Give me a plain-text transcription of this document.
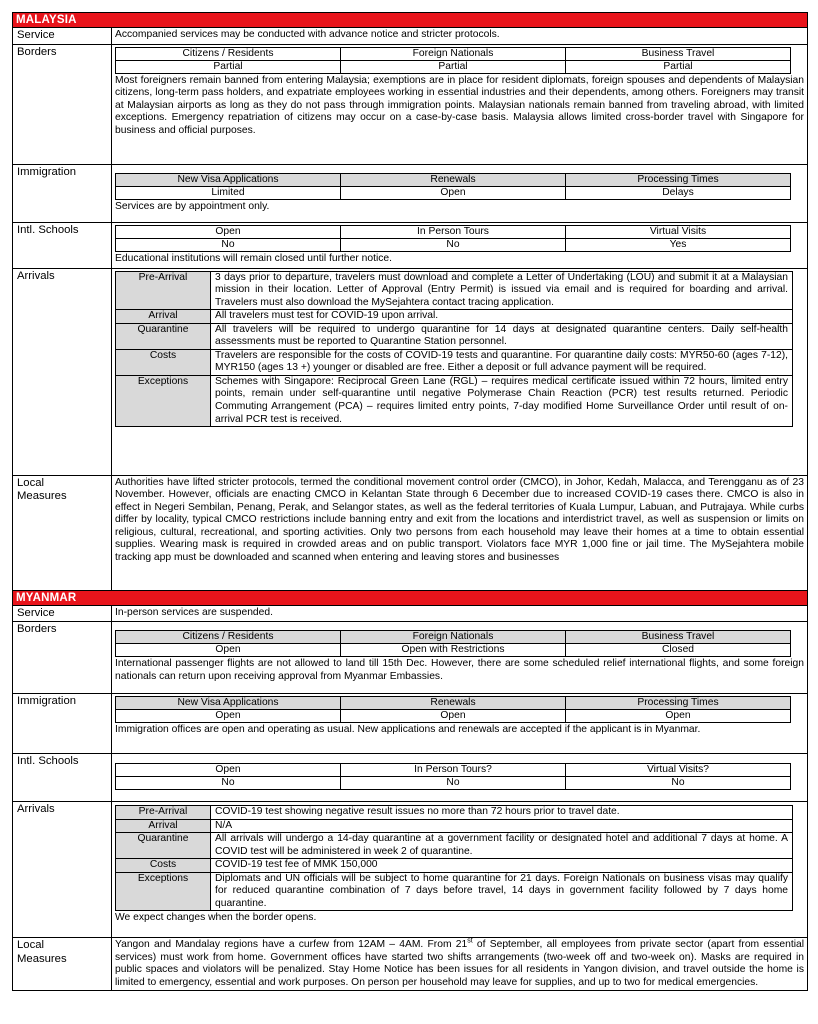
MALAYSIA
Service	Accompanied services may be conducted with advance notice and stricter protocols.
Borders	Citizens / Residents	Foreign Nationals	Business Travel
Partial	Partial	Partial
Most foreigners remain banned from entering Malaysia; exemptions are in place for resident diplomats, foreign spouses and dependents of Malaysian citizens, long-term pass holders, and expatriate employees working in essential industries and their dependents, among others. Foreigners may transit at Malaysian airports as long as they do not pass through immigration points. Malaysian nationals remain banned from traveling abroad, with limited exceptions. Emergency repatriation of citizens may occur on a case-by-case basis. Malaysia allows limited cross-border travel with Singapore for business and official purposes.
Immigration
New Visa Applications	Renewals	Processing Times
Limited	Open	Delays
Services are by appointment only.
Intl. Schools	Open	In Person Tours	Virtual Visits
No	No	Yes
Educational institutions will remain closed until further notice.
Arrivals	Pre-Arrival	3 days prior to departure, travelers must download and complete a Letter of Undertaking (LOU) and submit it at a Malaysian mission in their location. Letter of Approval (Entry Permit) is issued via email and is required for boarding and arrival. Travelers must also download the MySejahtera contact tracing application.
Arrival	All travelers must test for COVID-19 upon arrival.
Quarantine	All travelers will be required to undergo quarantine for 14 days at designated quarantine centers. Daily self-health assessments must be reported to Quarantine Station personnel.
Costs	Travelers are responsible for the costs of COVID-19 tests and quarantine. For quarantine daily costs: MYR50-60 (ages 7-12), MYR150 (ages 13 +) younger or disabled are free. Either a deposit or full advance payment will be required.
Exceptions	Schemes with Singapore: Reciprocal Green Lane (RGL) – requires medical certificate issued within 72 hours, limited entry points, remain under self-quarantine until negative Polymerase Chain Reaction (PCR) test results returned. Periodic Commuting Arrangement (PCA) – requires limited entry points, 7-day modified Home Surveillance Order until result of on-arrival PCR test is received.
Local
Measures
Authorities have lifted stricter protocols, termed the conditional movement control order (CMCO), in Johor, Kedah, Malacca, and Terengganu as of 23 November. However, officials are enacting CMCO in Kelantan State through 6 December due to increased COVID-19 cases there. CMCO is also in effect in Negeri Sembilan, Penang, Perak, and Selangor states, as well as the federal territories of Kuala Lumpur, Labuan, and Putrajaya. While curbs differ by locality, typical CMCO restrictions include banning entry and exit from the locations and interdistrict travel, as well as suspension or limits on religious, cultural, recreational, and sporting activities. Only two persons from each household may leave their homes at a time to obtain essential supplies. Wearing mask is required in crowded areas and on public transport. Violators face MYR 1,000 fine or jail time. The MySejahtera mobile tracking app must be downloaded and scanned when entering and leaving stores and businesses
MYANMAR
Service	In-person services are suspended.
Borders
Citizens / Residents	Foreign Nationals	Business Travel
Open	Open with Restrictions	Closed
International passenger flights are not allowed to land till 15th Dec. However, there are some scheduled relief international flights, and some foreign nationals can return upon receiving approval from Myanmar Embassies.
Immigration	New Visa Applications	Renewals	Processing Times
Open	Open	Open
Immigration offices are open and operating as usual. New applications and renewals are accepted if the applicant is in Myanmar.
Intl. Schools
Open	In Person Tours?	Virtual Visits?
No	No	No
Arrivals	Pre-Arrival	COVID-19 test showing negative result issues no more than 72 hours prior to travel date.
Arrival	N/A
Quarantine	All arrivals will undergo a 14-day quarantine at a government facility or designated hotel and additional 7 days at home. A COVID test will be administered in week 2 of quarantine.
Costs	COVID-19 test fee of MMK 150,000
Exceptions	Diplomats and UN officials will be subject to home quarantine for 21 days. Foreign Nationals on business visas may qualify for reduced quarantine combination of 7 days before travel, 14 days in government facility followed by 7 days home quarantine.
We expect changes when the border opens.
Local
Measures
Yangon and Mandalay regions have a curfew from 12AM – 4AM. From 21st of September, all employees from private sector (apart from essential services) must work from home. Government offices have started two shifts arrangements (two-week off and two-week on). Masks are required in public spaces and violators will be penalized. Stay Home Notice has been issues for all residents in Yangon division, and travel outside the home is limited to emergency, essential and work purposes. On person per household may leave for supplies, and up to two for medical emergencies.
